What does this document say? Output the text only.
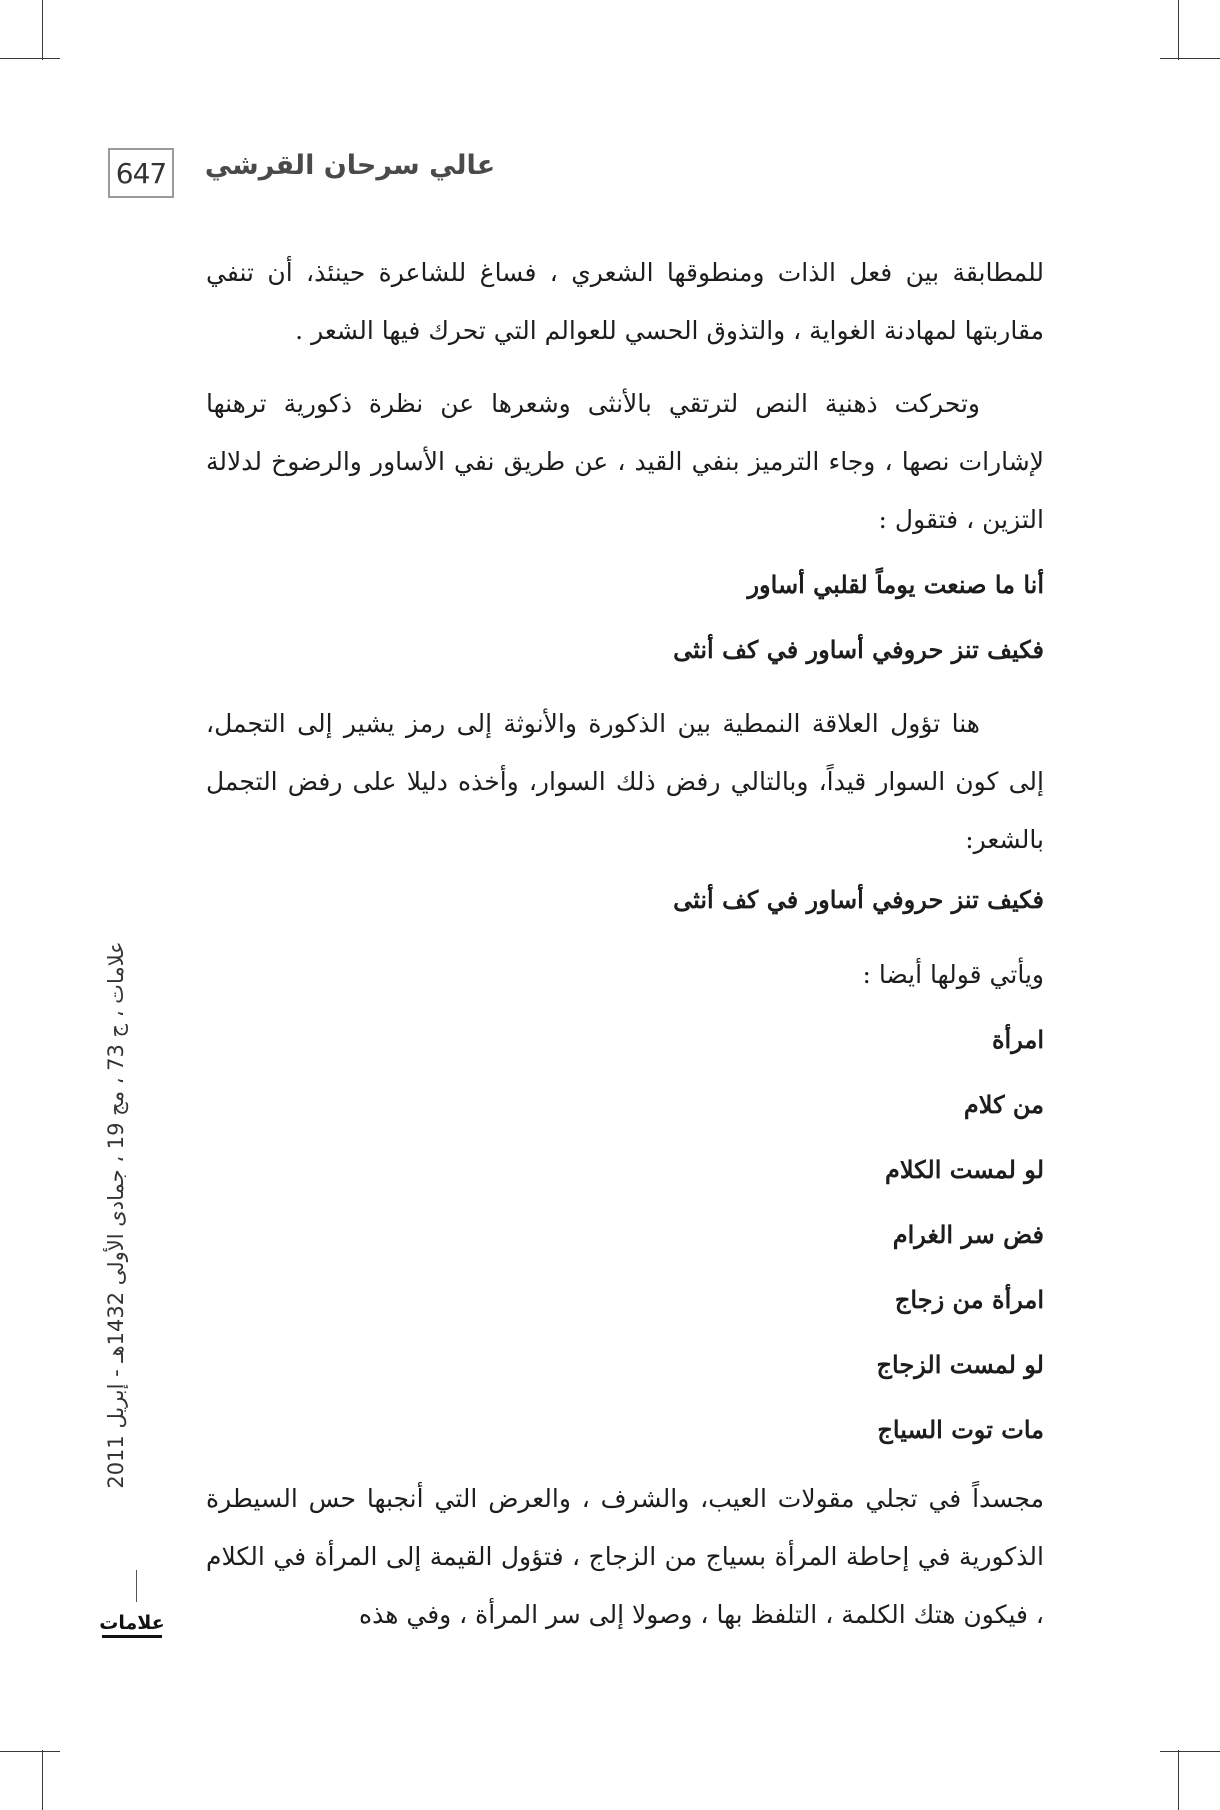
647 عالي سرحان القرشي

للمطابقة بين فعل الذات ومنطوقها الشعري ، فساغ للشاعرة حينئذ، أن تنفي مقاربتها لمهادنة الغواية ، والتذوق الحسي للعوالم التي تحرك فيها الشعر .

وتحركت ذهنية النص لترتقي بالأنثى وشعرها عن نظرة ذكورية ترهنها لإشارات نصها ، وجاء الترميز بنفي القيد ، عن طريق نفي الأساور والرضوخ لدلالة التزين ، فتقول :

أنا ما صنعت يوماً لقلبي أساور
فكيف تنز حروفي أساور في كف أنثى

هنا تؤول العلاقة النمطية بين الذكورة والأنوثة إلى رمز يشير إلى التجمل، إلى كون السوار قيداً، وبالتالي رفض ذلك السوار، وأخذه دليلا على رفض التجمل بالشعر:

فكيف تنز حروفي أساور في كف أنثى
ويأتي قولها أيضا :
امرأة
من كلام
لو لمست الكلام
فض سر الغرام
امرأة من زجاج
لو لمست الزجاج
مات توت السياج

مجسداً في تجلي مقولات العيب، والشرف ، والعرض التي أنجبها حس السيطرة الذكورية في إحاطة المرأة بسياج من الزجاج ، فتؤول القيمة إلى المرأة في الكلام ، فيكون هتك الكلمة ، التلفظ بها ، وصولا إلى سر المرأة ، وفي هذه

علامات ، ج 73 ، مج 19 ، جمادى الأولى 1432هـ - إبريل 2011
علامات
